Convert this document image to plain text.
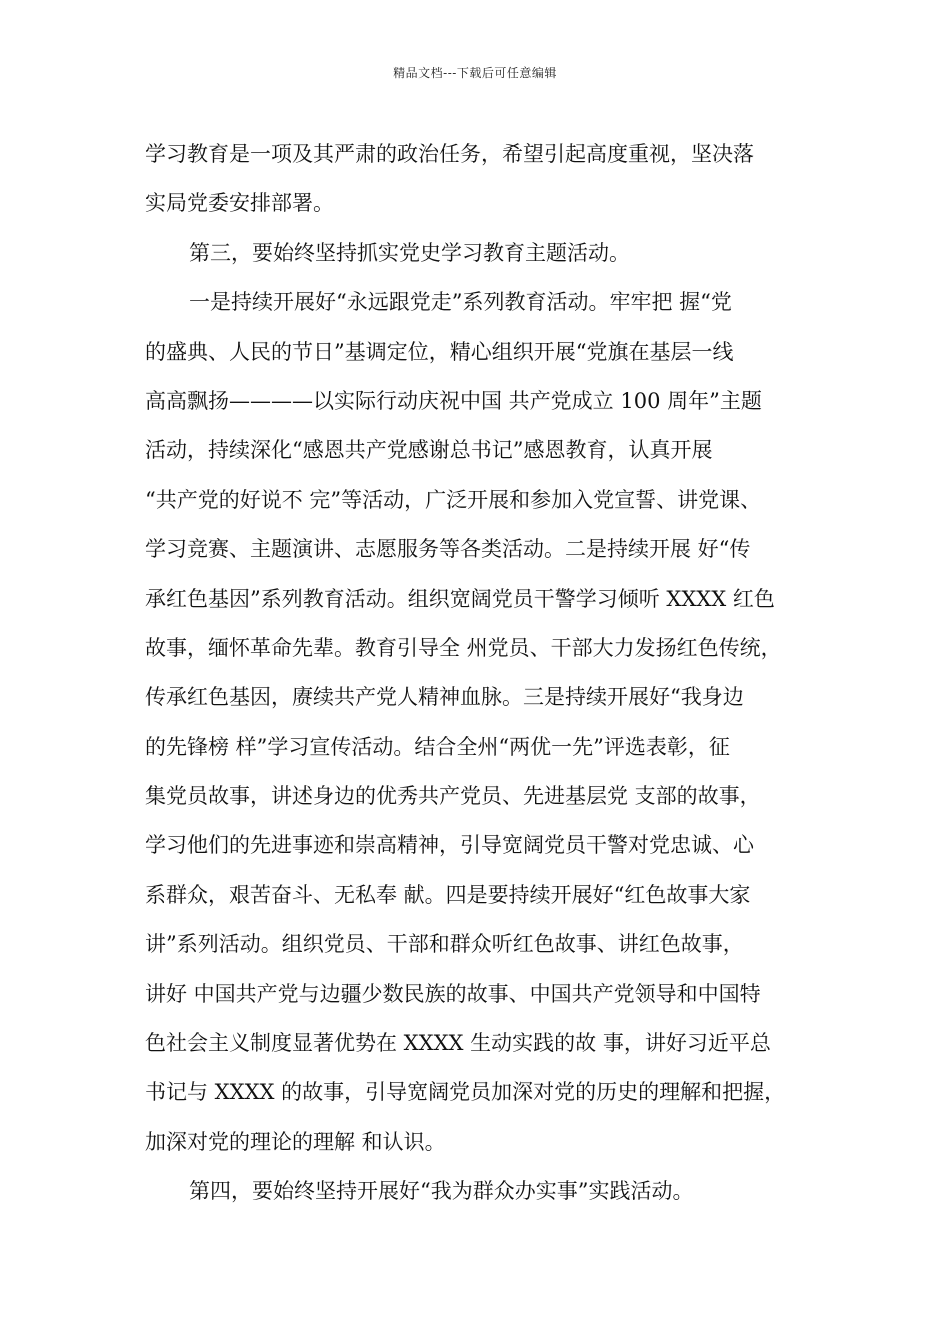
精品文档---下载后可任意编辑
学习教育是一项及其严肃的政治任务，希望引起高度重视，坚决落
实局党委安排部署。
第三，要始终坚持抓实党史学习教育主题活动。
一是持续开展好“永远跟党走”系列教育活动。牢牢把 握“党
的盛典、人民的节日”基调定位，精心组织开展“党旗在基层一线
高高飘扬————以实际行动庆祝中国 共产党成立 100 周年”主题
活动，持续深化“感恩共产党感谢总书记”感恩教育，认真开展
“共产党的好说不 完”等活动，广泛开展和参加入党宣誓、讲党课、
学习竞赛、主题演讲、志愿服务等各类活动。二是持续开展 好“传
承红色基因”系列教育活动。组织宽阔党员干警学习倾听 XXXX 红色
故事，缅怀革命先辈。教育引导全 州党员、干部大力发扬红色传统，
传承红色基因，赓续共产党人精神血脉。三是持续开展好“我身边
的先锋榜 样”学习宣传活动。结合全州“两优一先”评选表彰，征
集党员故事，讲述身边的优秀共产党员、先进基层党 支部的故事，
学习他们的先进事迹和崇高精神，引导宽阔党员干警对党忠诚、心
系群众，艰苦奋斗、无私奉 献。四是要持续开展好“红色故事大家
讲”系列活动。组织党员、干部和群众听红色故事、讲红色故事，
讲好 中国共产党与边疆少数民族的故事、中国共产党领导和中国特
色社会主义制度显著优势在 XXXX 生动实践的故 事，讲好习近平总
书记与 XXXX 的故事，引导宽阔党员加深对党的历史的理解和把握，
加深对党的理论的理解 和认识。
第四，要始终坚持开展好“我为群众办实事”实践活动。
